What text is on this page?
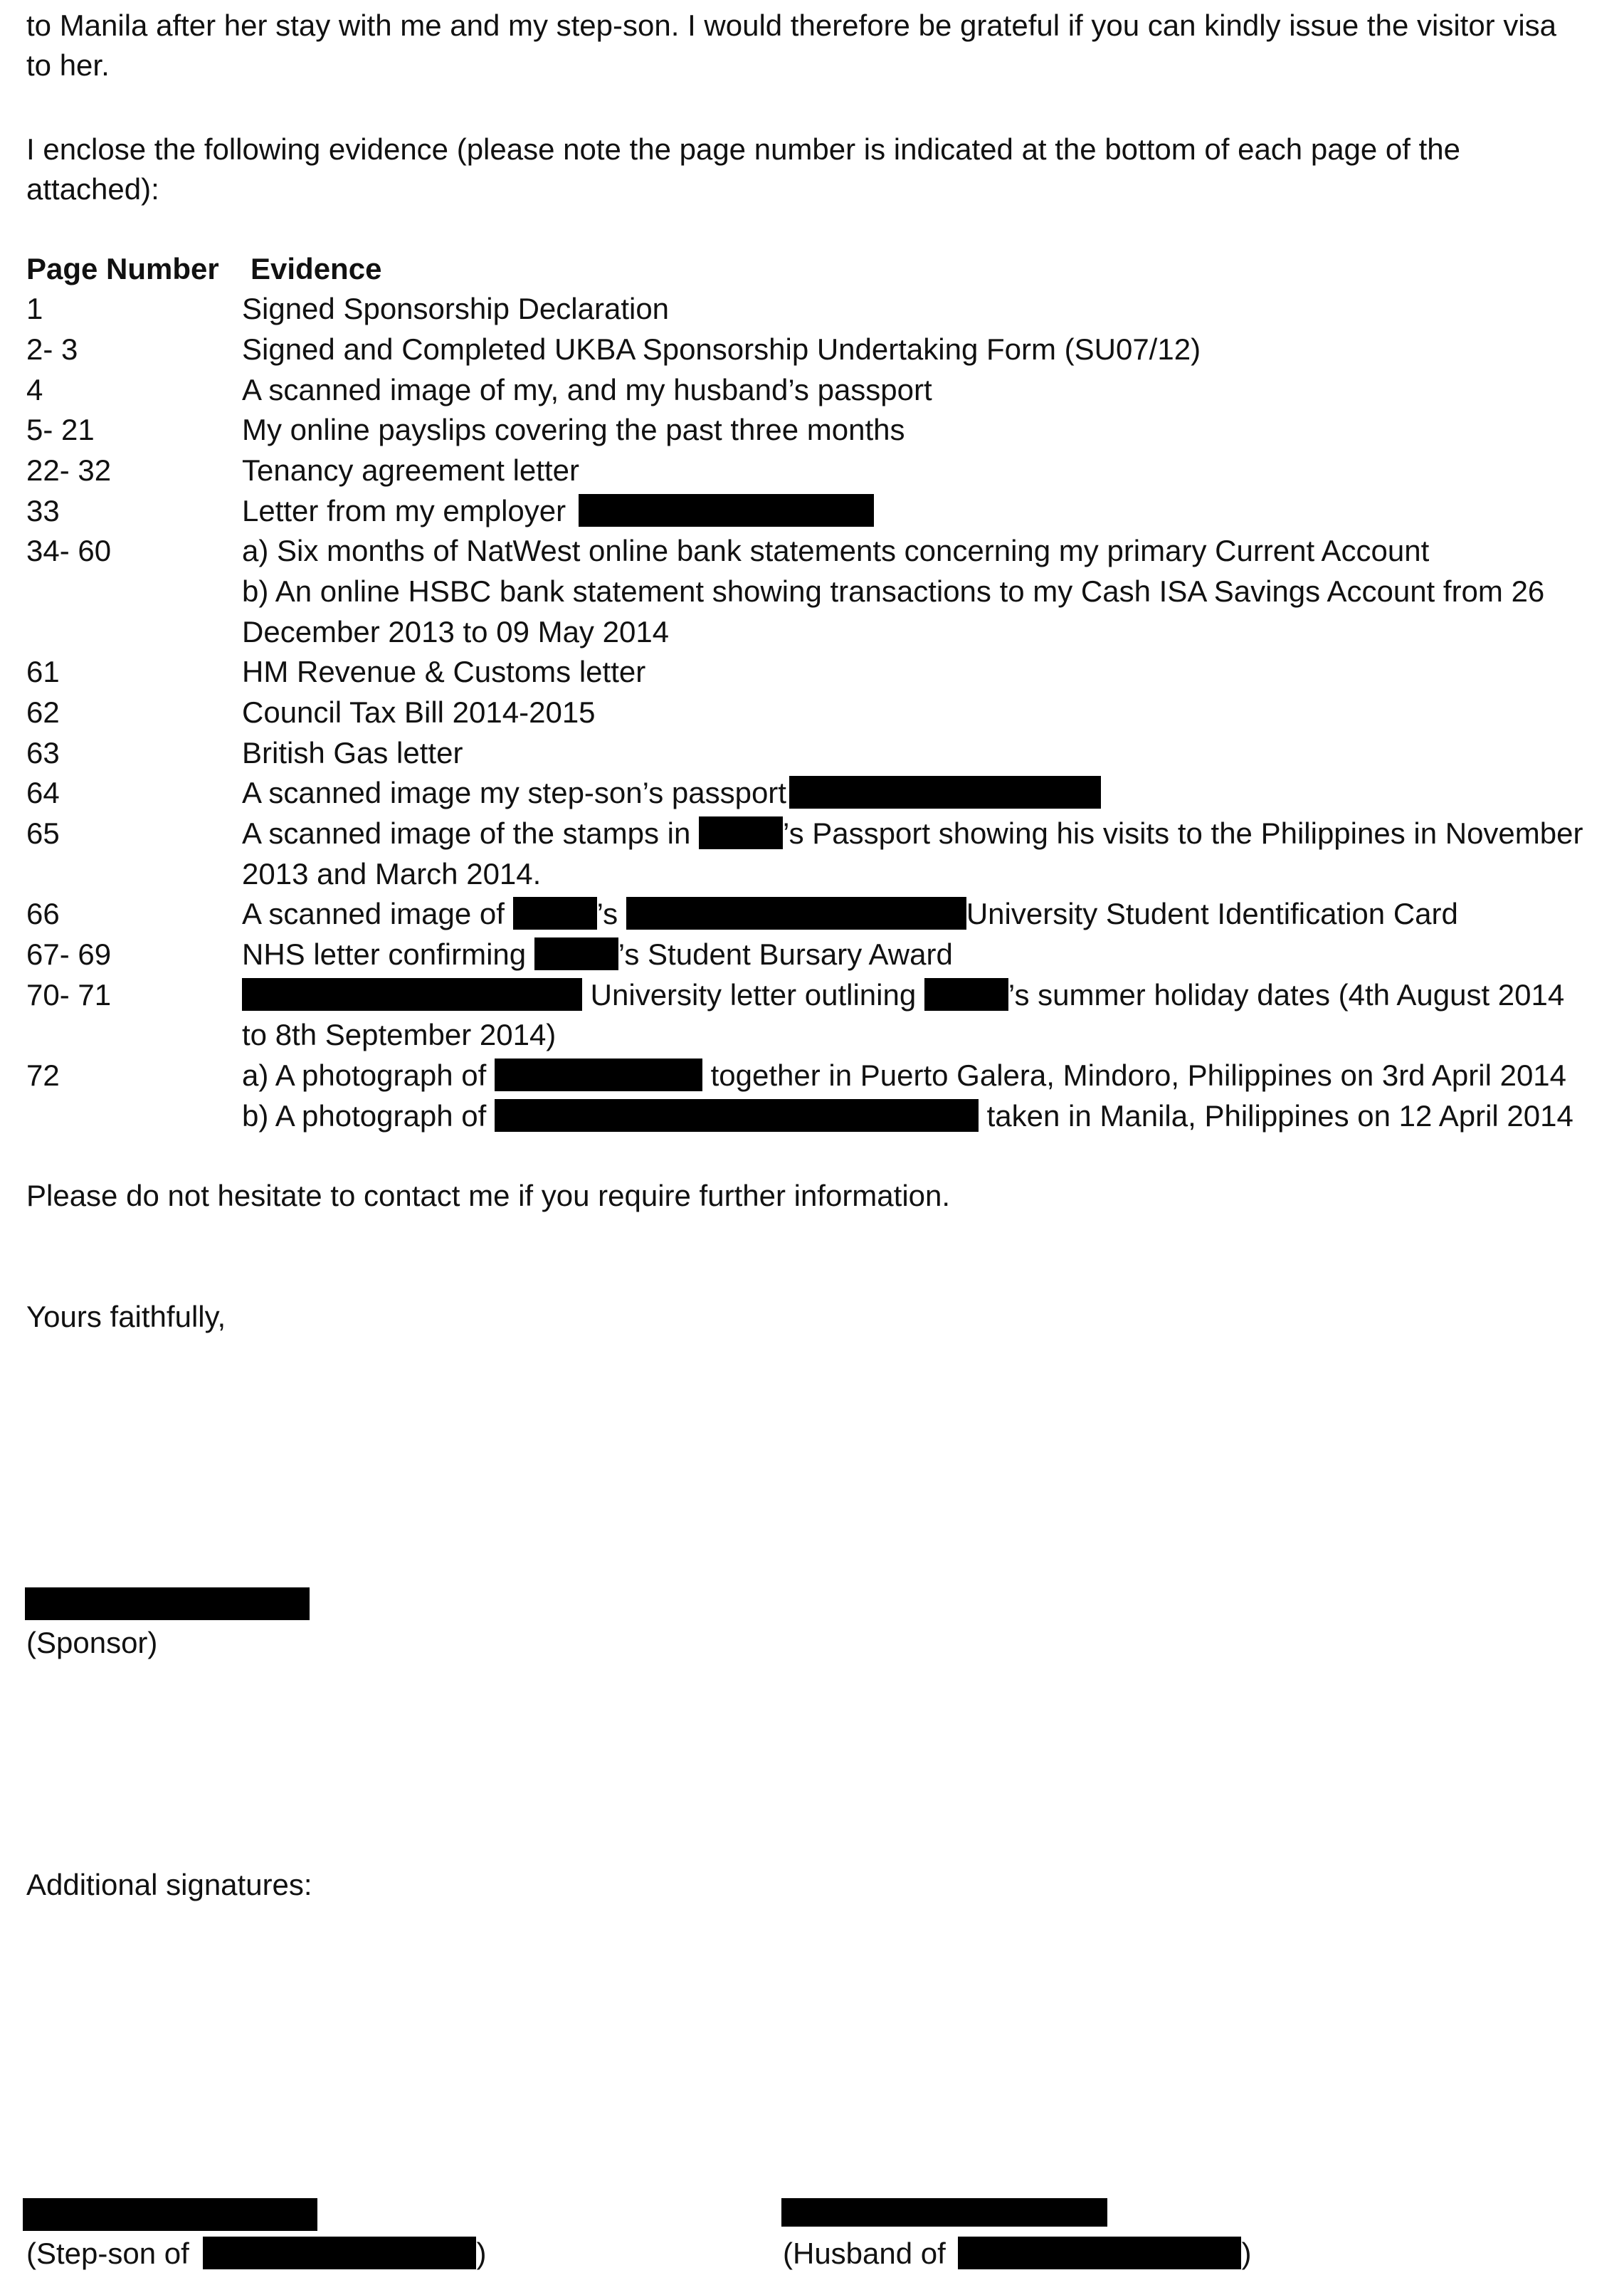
to Manila after her stay with me and my step-son. I would therefore be grateful if you can kindly issue the visitor visa
to her.
I enclose the following evidence (please note the page number is indicated at the bottom of each page of the
attached):
Page Number Evidence
1	Signed Sponsorship Declaration
2- 3	Signed and Completed UKBA Sponsorship Undertaking Form (SU07/12)
4	A scanned image of my, and my husband’s passport
5- 21	My online payslips covering the past three months
22- 32	Tenancy agreement letter
33	Letter from my employer
34- 60	a) Six months of NatWest online bank statements concerning my primary Current Account
b) An online HSBC bank statement showing transactions to my Cash ISA Savings Account from 26
December 2013 to 09 May 2014
61	HM Revenue & Customs letter
62	Council Tax Bill 2014-2015
63	British Gas letter
64	A scanned image my step-son’s passport
65	A scanned image of the stamps in	’s Passport showing his visits to the Philippines in November
2013 and March 2014.
66	A scanned image of	’s	University Student Identification Card
67- 69	NHS letter confirming	’s Student Bursary Award
70- 71	University letter outlining	’s summer holiday dates (4th August 2014
to 8th September 2014)
72	a) A photograph of	together in Puerto Galera, Mindoro, Philippines on 3rd April 2014
b) A photograph of	taken in Manila, Philippines on 12 April 2014
Please do not hesitate to contact me if you require further information.
Yours faithfully,
(Sponsor)
Additional signatures:
(Step-son of	)	(Husband of	)
